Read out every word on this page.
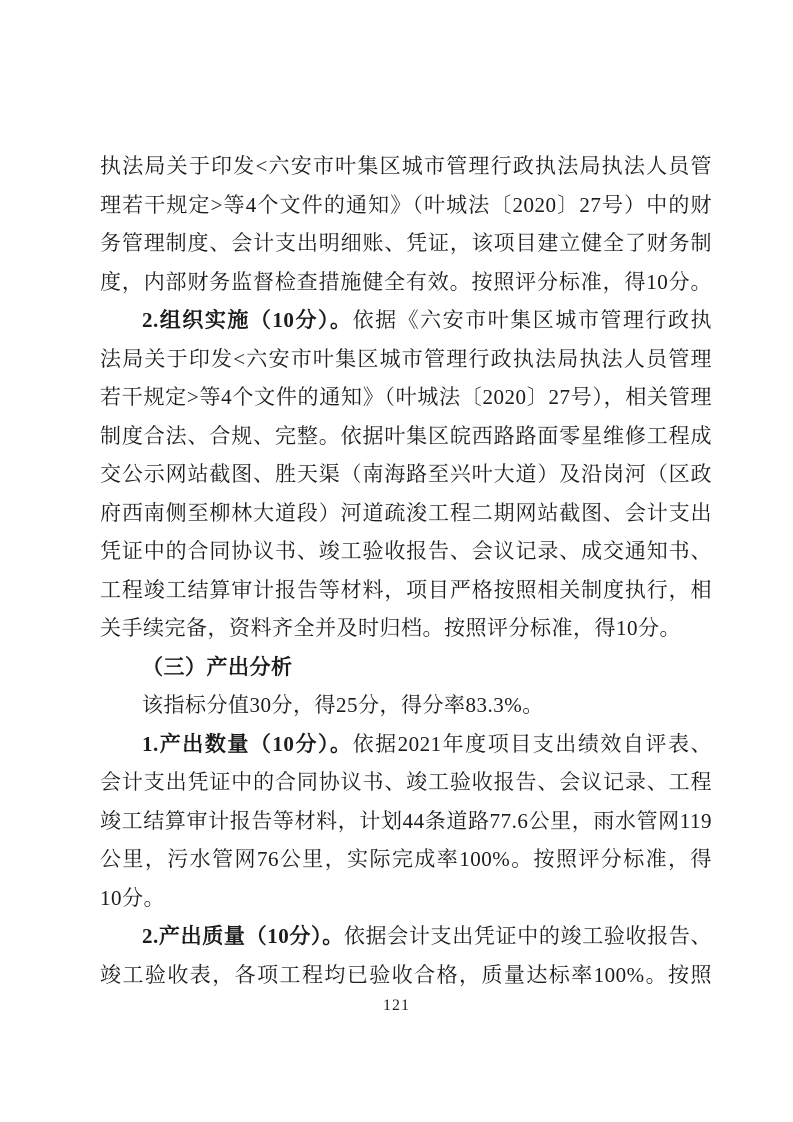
执法局关于印发<六安市叶集区城市管理行政执法局执法人员管
理若干规定>等4个文件的通知》（叶城法〔2020〕27号）中的财
务管理制度、会计支出明细账、凭证，该项目建立健全了财务制
度，内部财务监督检查措施健全有效。按照评分标准，得10分。
2.组织实施（10分）。依据《六安市叶集区城市管理行政执
法局关于印发<六安市叶集区城市管理行政执法局执法人员管理
若干规定>等4个文件的通知》（叶城法〔2020〕27号），相关管理
制度合法、合规、完整。依据叶集区皖西路路面零星维修工程成
交公示网站截图、胜天渠（南海路至兴叶大道）及沿岗河（区政
府西南侧至柳林大道段）河道疏浚工程二期网站截图、会计支出
凭证中的合同协议书、竣工验收报告、会议记录、成交通知书、
工程竣工结算审计报告等材料，项目严格按照相关制度执行，相
关手续完备，资料齐全并及时归档。按照评分标准，得10分。
（三）产出分析
该指标分值30分，得25分，得分率83.3%。
1.产出数量（10分）。依据2021年度项目支出绩效自评表、
会计支出凭证中的合同协议书、竣工验收报告、会议记录、工程
竣工结算审计报告等材料，计划44条道路77.6公里，雨水管网119
公里，污水管网76公里，实际完成率100%。按照评分标准，得
10分。
2.产出质量（10分）。依据会计支出凭证中的竣工验收报告、
竣工验收表，各项工程均已验收合格，质量达标率100%。按照
121
